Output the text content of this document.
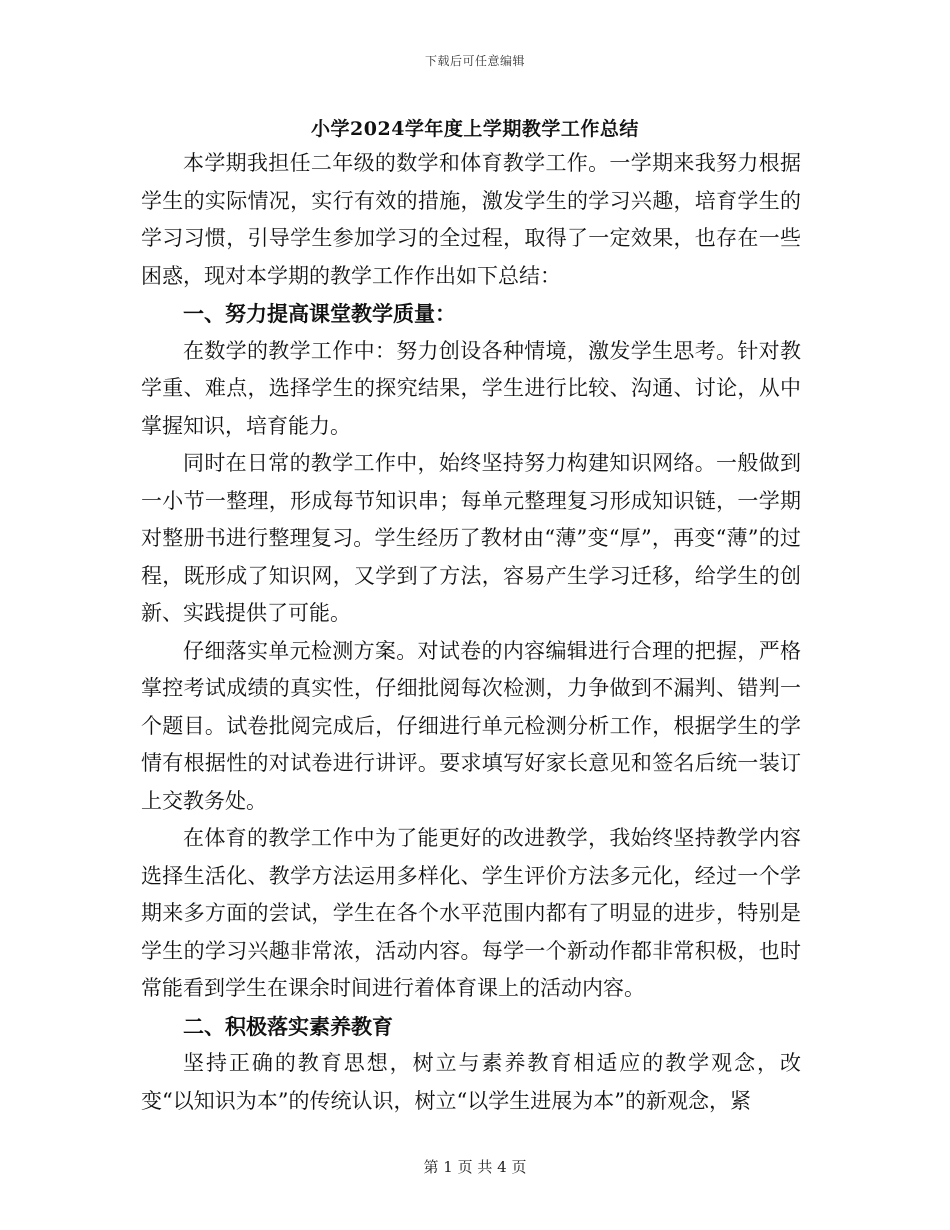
下载后可任意编辑
小学2024学年度上学期教学工作总结

本学期我担任二年级的数学和体育教学工作。一学期来我努力根据学生的实际情况，实行有效的措施，激发学生的学习兴趣，培育学生的学习习惯，引导学生参加学习的全过程，取得了一定效果，也存在一些困惑，现对本学期的教学工作作出如下总结：

一、努力提高课堂教学质量：

在数学的教学工作中：努力创设各种情境，激发学生思考。针对教学重、难点，选择学生的探究结果，学生进行比较、沟通、讨论，从中掌握知识，培育能力。

同时在日常的教学工作中，始终坚持努力构建知识网络。一般做到一小节一整理，形成每节知识串；每单元整理复习形成知识链，一学期对整册书进行整理复习。学生经历了教材由“薄”变“厚”，再变“薄”的过程，既形成了知识网，又学到了方法，容易产生学习迁移，给学生的创新、实践提供了可能。

仔细落实单元检测方案。对试卷的内容编辑进行合理的把握，严格掌控考试成绩的真实性，仔细批阅每次检测，力争做到不漏判、错判一个题目。试卷批阅完成后，仔细进行单元检测分析工作，根据学生的学情有根据性的对试卷进行讲评。要求填写好家长意见和签名后统一装订上交教务处。

在体育的教学工作中为了能更好的改进教学，我始终坚持教学内容选择生活化、教学方法运用多样化、学生评价方法多元化，经过一个学期来多方面的尝试，学生在各个水平范围内都有了明显的进步，特别是学生的学习兴趣非常浓，活动内容。每学一个新动作都非常积极，也时常能看到学生在课余时间进行着体育课上的活动内容。

二、积极落实素养教育

坚持正确的教育思想，树立与素养教育相适应的教学观念，改变“以知识为本”的传统认识，树立“以学生进展为本”的新观念，紧

第 1 页 共 4 页
